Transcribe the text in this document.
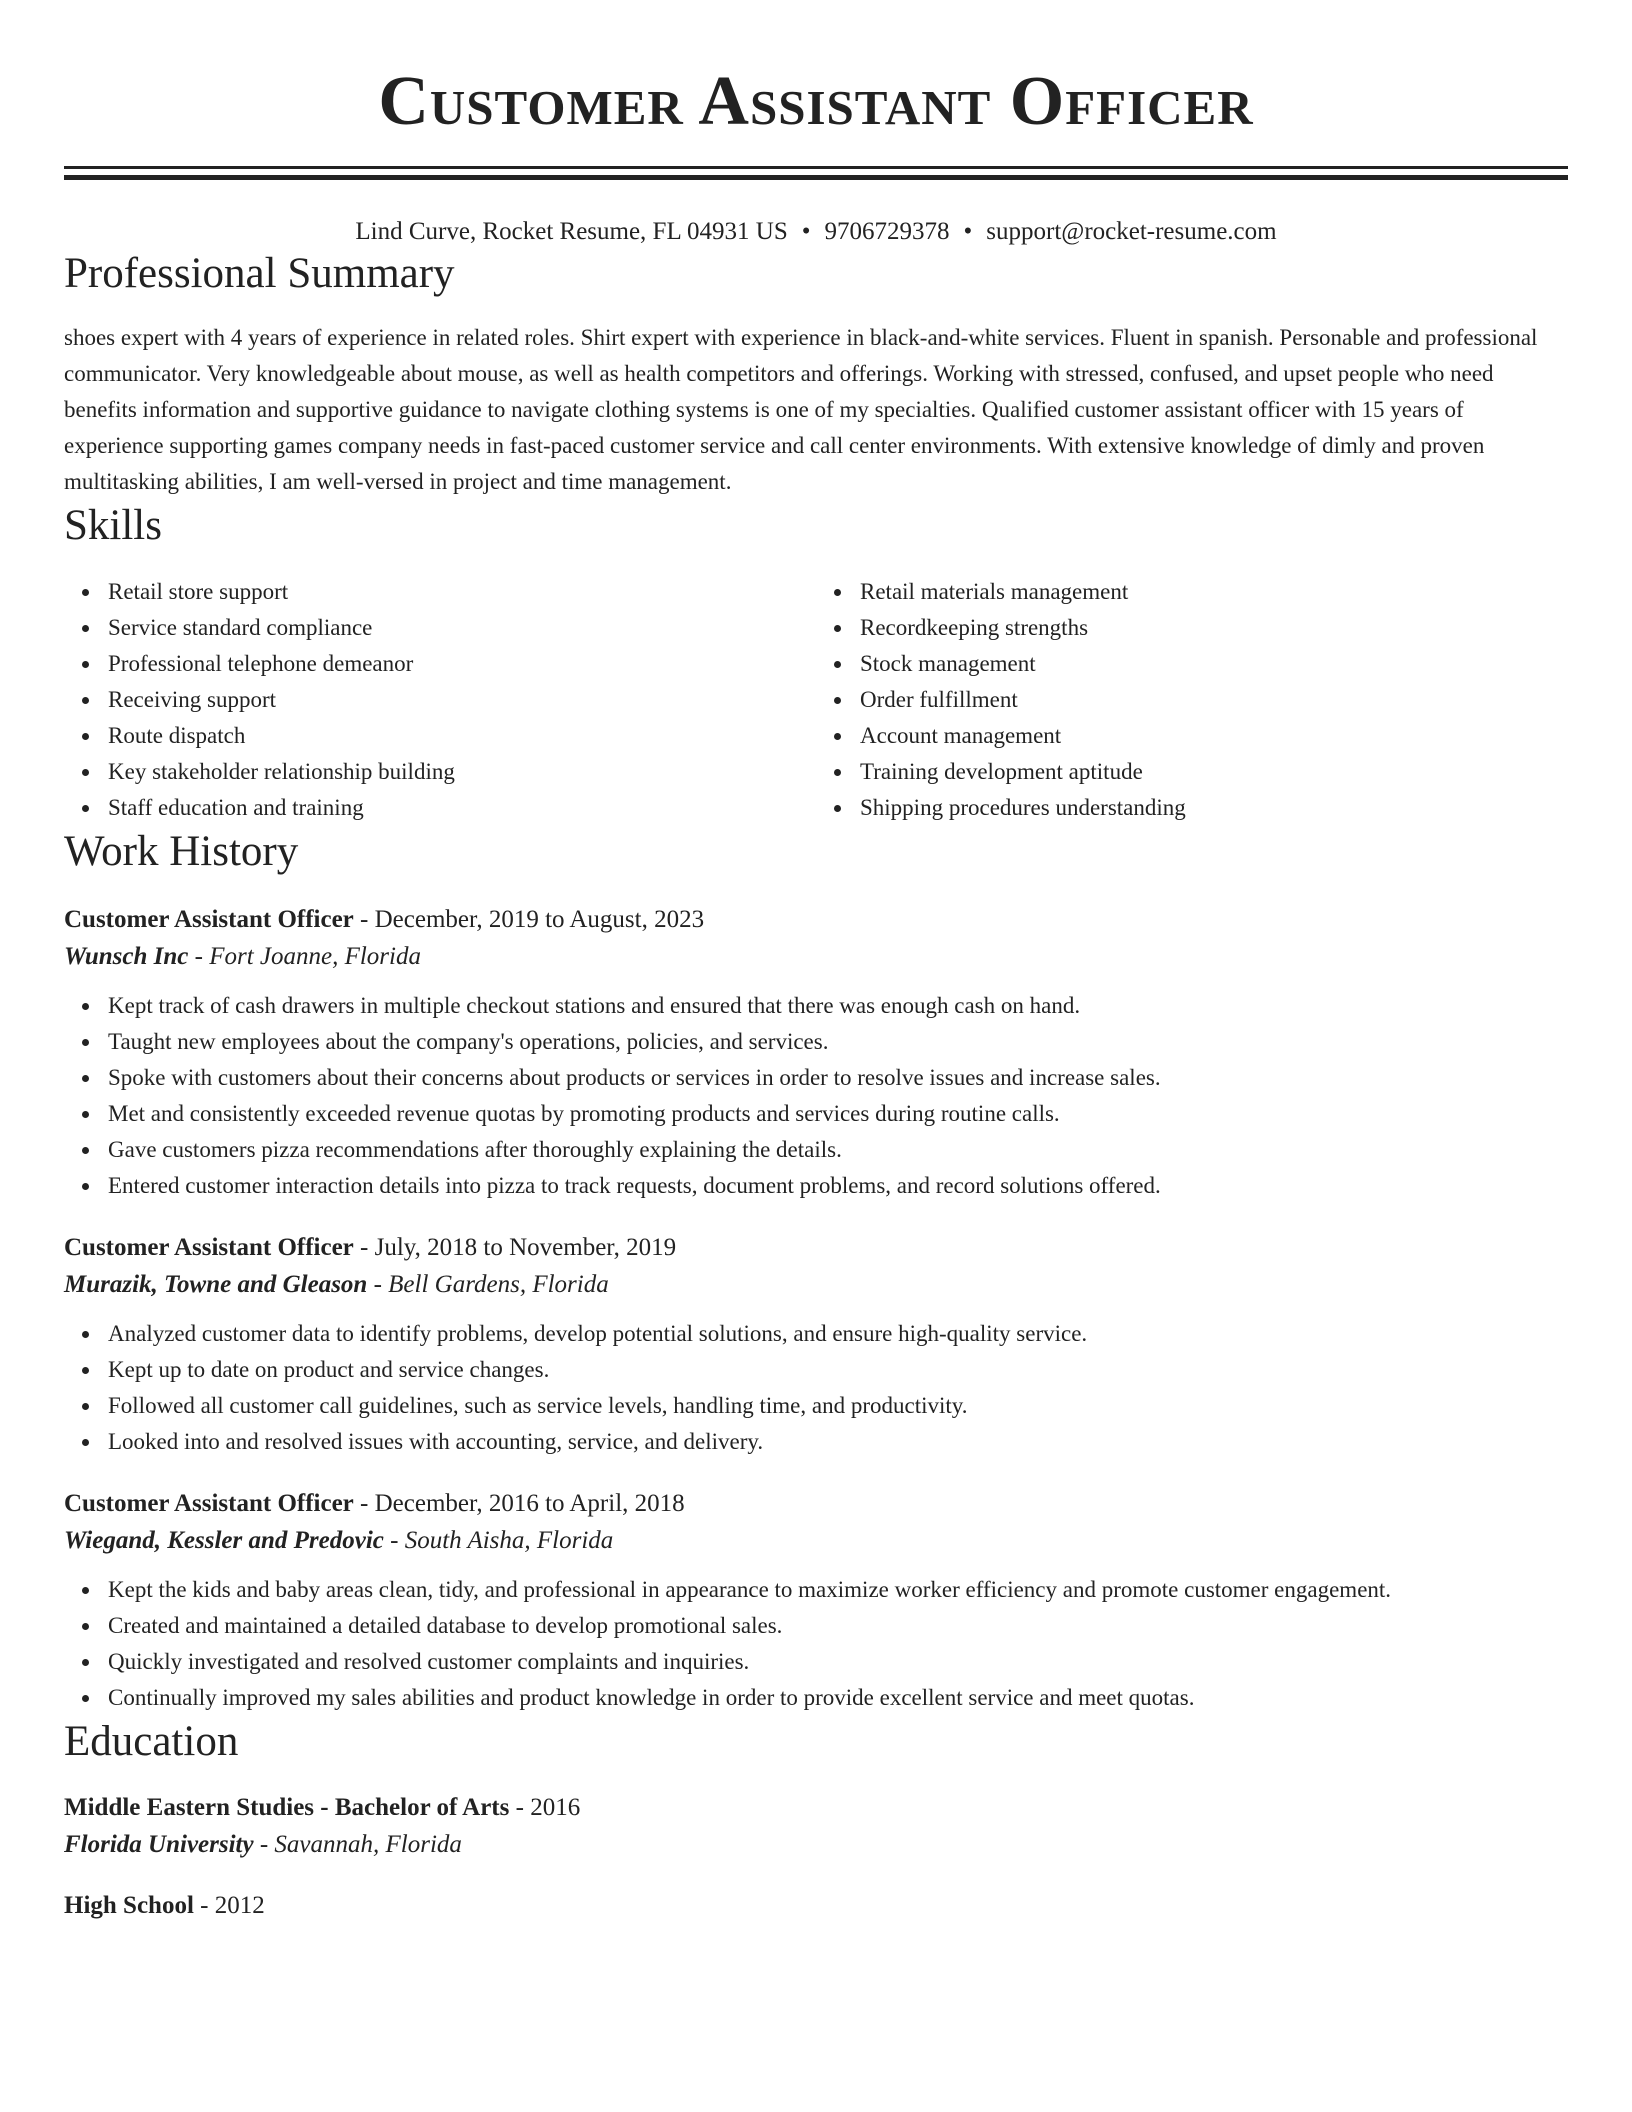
Customer Assistant Officer
Lind Curve, Rocket Resume, FL 04931 US • 9706729378 • support@rocket-resume.com
Professional Summary

shoes expert with 4 years of experience in related roles. Shirt expert with experience in black-and-white services. Fluent in spanish. Personable and professional communicator. Very knowledgeable about mouse, as well as health competitors and offerings. Working with stressed, confused, and upset people who need benefits information and supportive guidance to navigate clothing systems is one of my specialties. Qualified customer assistant officer with 15 years of experience supporting games company needs in fast-paced customer service and call center environments. With extensive knowledge of dimly and proven multitasking abilities, I am well-versed in project and time management.

Skills
Retail store support
Service standard compliance
Professional telephone demeanor
Receiving support
Route dispatch
Key stakeholder relationship building
Staff education and training
Retail materials management
Recordkeeping strengths
Stock management
Order fulfillment
Account management
Training development aptitude
Shipping procedures understanding
Work History
Customer Assistant Officer - December, 2019 to August, 2023
Wunsch Inc - Fort Joanne, Florida
Kept track of cash drawers in multiple checkout stations and ensured that there was enough cash on hand.
Taught new employees about the company's operations, policies, and services.
Spoke with customers about their concerns about products or services in order to resolve issues and increase sales.
Met and consistently exceeded revenue quotas by promoting products and services during routine calls.
Gave customers pizza recommendations after thoroughly explaining the details.
Entered customer interaction details into pizza to track requests, document problems, and record solutions offered.
Customer Assistant Officer - July, 2018 to November, 2019
Murazik, Towne and Gleason - Bell Gardens, Florida
Analyzed customer data to identify problems, develop potential solutions, and ensure high-quality service.
Kept up to date on product and service changes.
Followed all customer call guidelines, such as service levels, handling time, and productivity.
Looked into and resolved issues with accounting, service, and delivery.
Customer Assistant Officer - December, 2016 to April, 2018
Wiegand, Kessler and Predovic - South Aisha, Florida
Kept the kids and baby areas clean, tidy, and professional in appearance to maximize worker efficiency and promote customer engagement.
Created and maintained a detailed database to develop promotional sales.
Quickly investigated and resolved customer complaints and inquiries.
Continually improved my sales abilities and product knowledge in order to provide excellent service and meet quotas.
Education
Middle Eastern Studies - Bachelor of Arts - 2016
Florida University - Savannah, Florida
High School - 2012
